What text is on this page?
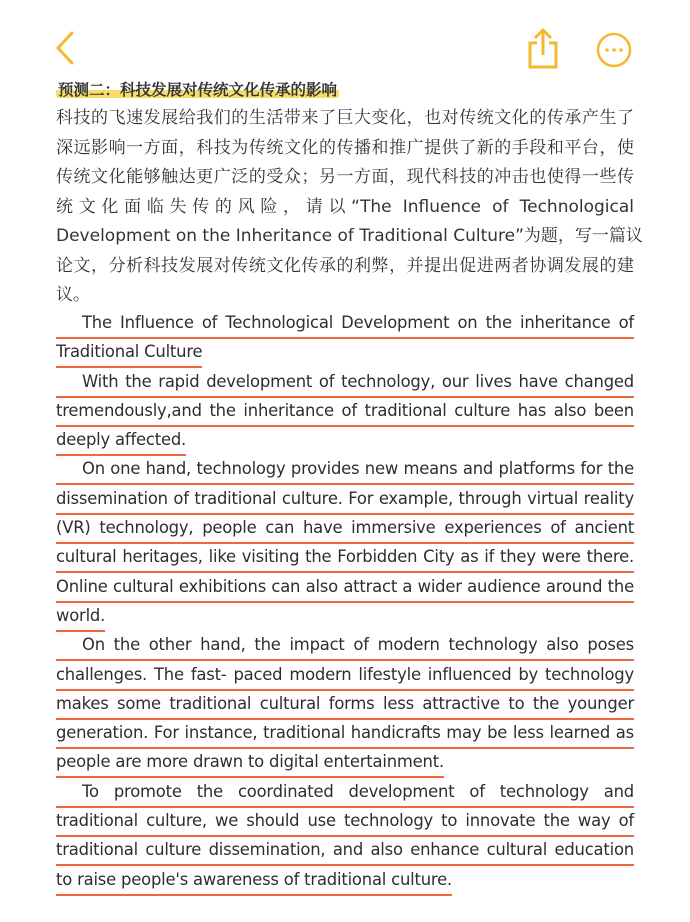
预测二：科技发展对传统文化传承的影响
科技的飞速发展给我们的生活带来了巨大变化，也对传统文化的传承产生了
深远影响一方面，科技为传统文化的传播和推广提供了新的手段和平台，使
传统文化能够触达更广泛的受众；另一方面，现代科技的冲击也使得一些传
统文化面临失传的风险，请以“The Influence of Technological
Development on the Inheritance of Traditional Culture”为题，写一篇议
论文，分析科技发展对传统文化传承的利弊，并提出促进两者协调发展的建
议。
The Influence of Technological Development on the inheritance of
Traditional Culture
With the rapid development of technology, our lives have changed
tremendously,and the inheritance of traditional culture has also been
deeply affected.
On one hand, technology provides new means and platforms for the
dissemination of traditional culture. For example, through virtual reality
(VR) technology, people can have immersive experiences of ancient
cultural heritages, like visiting the Forbidden City as if they were there.
Online cultural exhibitions can also attract a wider audience around the
world.
On the other hand, the impact of modern technology also poses
challenges. The fast- paced modern lifestyle influenced by technology
makes some traditional cultural forms less attractive to the younger
generation. For instance, traditional handicrafts may be less learned as
people are more drawn to digital entertainment.
To promote the coordinated development of technology and
traditional culture, we should use technology to innovate the way of
traditional culture dissemination, and also enhance cultural education
to raise people's awareness of traditional culture.
